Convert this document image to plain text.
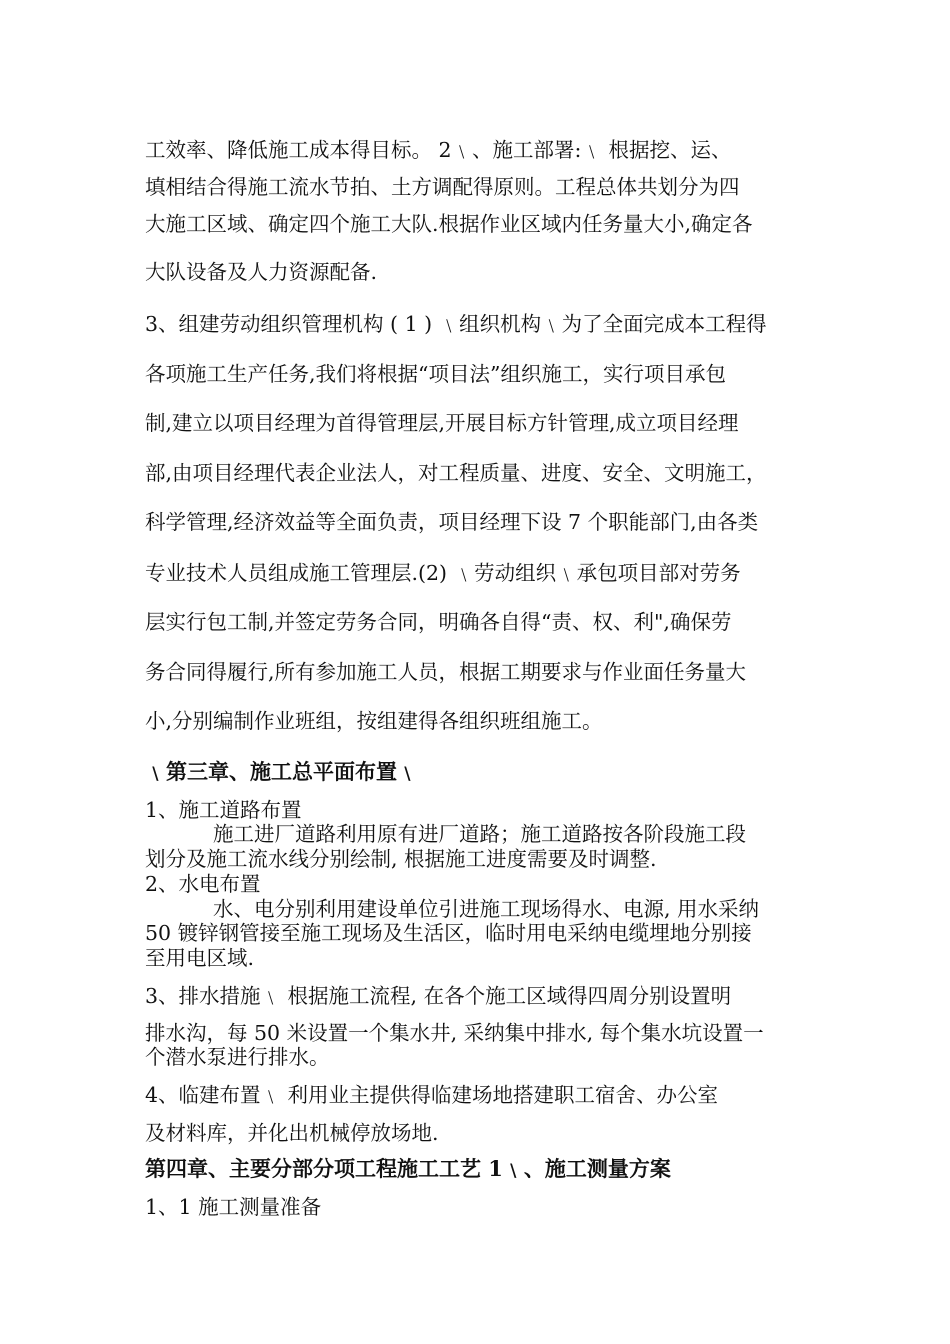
工效率、降低施工成本得目标。 2﹨、施工部署:﹨ 根据挖、运、
填相结合得施工流水节拍、土方调配得原则。工程总体共划分为四
大施工区域、确定四个施工大队.根据作业区域内任务量大小,确定各
大队设备及人力资源配备.
3、组建劳动组织管理机构 ( 1 ) ﹨组织机构﹨为了全面完成本工程得
各项施工生产任务,我们将根据“项目法”组织施工，实行项目承包
制,建立以项目经理为首得管理层,开展目标方针管理,成立项目经理
部,由项目经理代表企业法人，对工程质量、进度、安全、文明施工，
科学管理,经济效益等全面负责，项目经理下设 7 个职能部门,由各类
专业技术人员组成施工管理层.(2) ﹨劳动组织﹨承包项目部对劳务
层实行包工制,并签定劳务合同，明确各自得“责、权、利",确保劳
务合同得履行,所有参加施工人员，根据工期要求与作业面任务量大
小,分别编制作业班组，按组建得各组织班组施工。
﹨第三章、施工总平面布置﹨
1、施工道路布置
施工进厂道路利用原有进厂道路；施工道路按各阶段施工段
划分及施工流水线分别绘制, 根据施工进度需要及时调整.
2、水电布置
水、电分别利用建设单位引进施工现场得水、电源, 用水采纳
50 镀锌钢管接至施工现场及生活区，临时用电采纳电缆埋地分别接
至用电区域.
3、排水措施﹨ 根据施工流程, 在各个施工区域得四周分别设置明
排水沟，每 50 米设置一个集水井, 采纳集中排水, 每个集水坑设置一
个潜水泵进行排水。
4、临建布置﹨ 利用业主提供得临建场地搭建职工宿舍、办公室
及材料库，并化出机械停放场地.
第四章、主要分部分项工程施工工艺 1﹨、施工测量方案
1、1 施工测量准备
